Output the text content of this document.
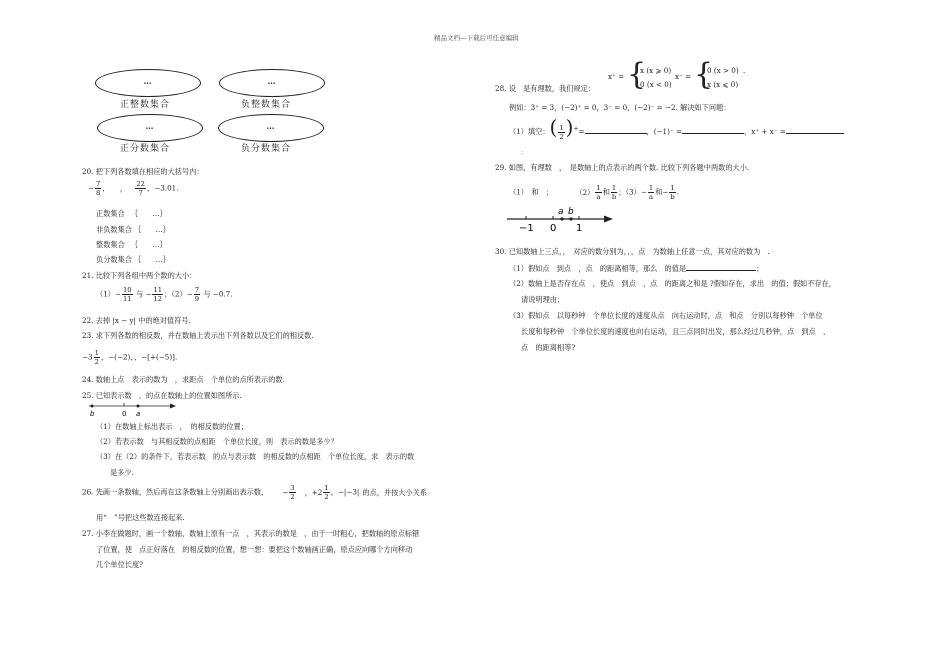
精品文档---下载后可任意编辑
…
正整数集合
…
负整数集合
…
正分数集合
…
负分数集合
20. 把下列各数填在相应的大括号内：
− $\frac{7}{8}$ ， ， $\frac{22}{7}$ ，−3.01.
正数集合 ｛　　…｝
非负数集合 ｛　　…｝
整数集合 ｛　　…｝
负分数集合 ｛　　…｝
21. 比较下列各组中两个数的大小：
$(1)- \frac{10}{11}$ 与 − $\frac{11}{12}$ ；$(2)- \frac{7}{9}$ 与 −0.7.
22. 去掉 |x − y| 中的绝对值符号.
23. 求下列各数的相反数，并在数轴上表示出下列各数以及它们的相反数.
$-3 \frac{1}{2}$ ，−(−2)，，−[+(−5)].
24. 数轴上点　表示的数为　，求距点　个单位的点所表示的数.
25. 已知表示数　，的点在数轴上的位置如图所示.
b	0 a
（1）在数轴上标出表示　，　的相反数的位置；
（2）若表示数　与其相反数的点相距　个单位长度，则　表示的数是多少？
（3）在（2）的条件下，若表示数　的点与表示数　的相反数的点相距　个单位长度，求　表示的数
是多少.
26. 先画一条数轴，然后再在这条数轴上分别画出表示数， − $\frac{3}{2}$ ，$+2 \frac{1}{2}$ ，−|−3| 的点，并按大小关系
用“　”号把这些数连接起来.
27. 小李在做题时，画一个数轴，数轴上原有一点　，其表示的数是　，由于一时粗心，把数轴的原点标错
了位置，使　点正好落在　的相反数的位置，想一想：要把这个数轴画正确，原点应向哪个方向移动
几个单位长度?
x⁺ = {
x (x ⩾ 0)
0 (x < 0)
x⁻ = {
0 (x > 0)
x (x ⩽ 0)
.
28. 设　是有理数，我们规定：
例如：3⁺ = 3，(−2)⁺ = 0，3⁻ = 0，(−2)⁻ = −2. 解决如下问题：
（1）填空：( $\frac{1}{2} )^+=$	，(−1)⁻ =	，x⁺ + x⁻ =
；
29. 如图，有理数　，　是数轴上的点表示的两个数. 比较下列各题中两数的大小.
（1）　和　；	$(2) \frac{1}{a}$ 和 $\frac{1}{b}$ ；$(3)- \frac{1}{a}$ 和− $\frac{1}{b}$ .
a b
−1 0 1
30. 已知数轴上三点，，　对应的数分别为，，，点　为数轴上任意一点，其对应的数为　.
（1）假如点　到点　，点　的距离相等，那么　的值是	；
（2）数轴上是否存在点　，使点　到点　、点　的距离之和是 ?假如存在，求出　的值；假如不存在，
请说明理由；
（3）假如点　以每秒钟　个单位长度的速度从点　向右运动时，点　和点　分别以每秒钟　个单位
长度和每秒钟　个单位长度的速度也向右运动，且三点同时出发，那么经过几秒钟，点　到点　、
点　的距离相等?
